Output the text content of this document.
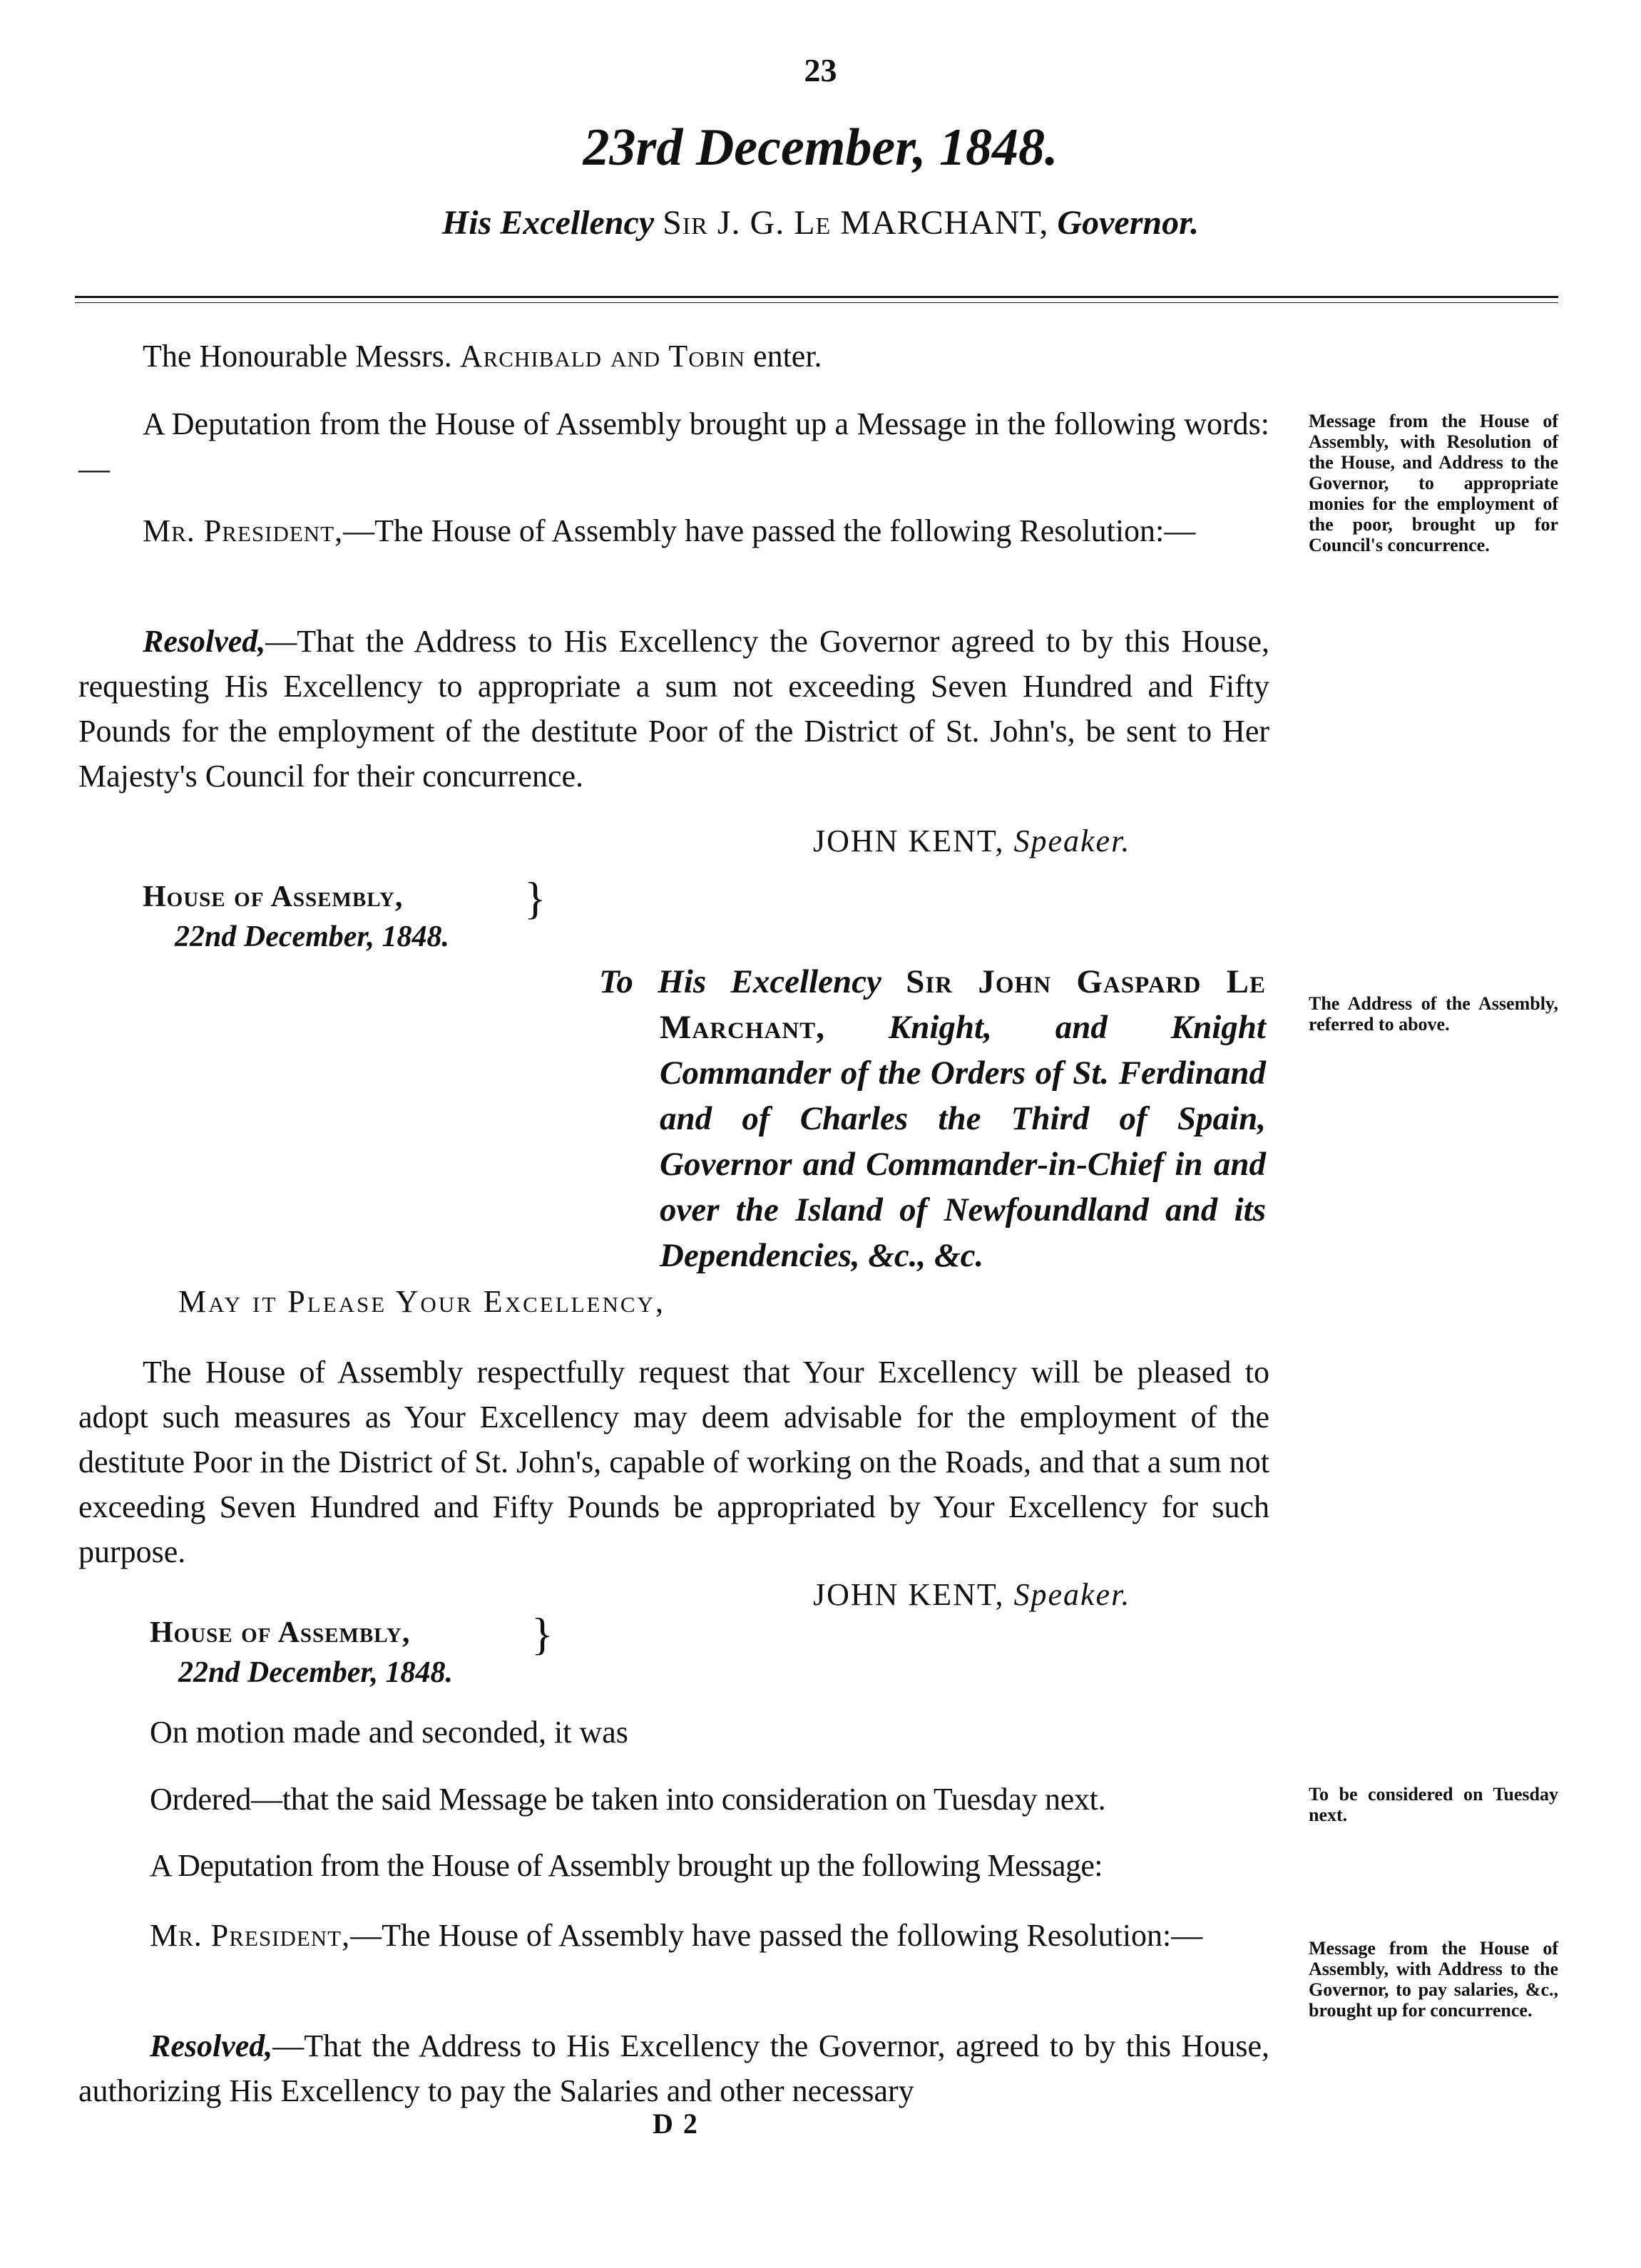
23
23rd December, 1848.
His Excellency Sir J. G. Le MARCHANT, Governor.

The Honourable Messrs. Archibald and Tobin enter.

A Deputation from the House of Assembly brought up a Message in the following words:—

Mr. President,—The House of Assembly have passed the following Resolution:—

Resolved,—That the Address to His Excellency the Governor agreed to by this House, requesting His Excellency to appropriate a sum not exceeding Seven Hundred and Fifty Pounds for the employment of the destitute Poor of the District of St. John's, be sent to Her Majesty's Council for their concurrence.

JOHN KENT, Speaker.
House of Assembly,
22nd December, 1848.
}
To His Excellency Sir John Gaspard Le Marchant, Knight, and Knight Commander of the Orders of St. Ferdinand and of Charles the Third of Spain, Governor and Commander-in-Chief in and over the Island of Newfoundland and its Dependencies, &c., &c.
May it Please Your Excellency,

The House of Assembly respectfully request that Your Excellency will be pleased to adopt such measures as Your Excellency may deem advisable for the employment of the destitute Poor in the District of St. John's, capable of working on the Roads, and that a sum not exceeding Seven Hundred and Fifty Pounds be appropriated by Your Excellency for such purpose.

JOHN KENT, Speaker.
House of Assembly,
22nd December, 1848.
}

On motion made and seconded, it was

Ordered—that the said Message be taken into consideration on Tuesday next.

A Deputation from the House of Assembly brought up the following Message:

Mr. President,—The House of Assembly have passed the following Resolution:—

Resolved,—That the Address to His Excellency the Governor, agreed to by this House, authorizing His Excellency to pay the Salaries and other necessary

D 2
Message from the House of Assembly, with Resolution of the House, and Address to the Governor, to appropriate monies for the employment of the poor, brought up for Council's concurrence.
The Address of the Assembly, referred to above.
To be considered on Tuesday next.
Message from the House of Assembly, with Address to the Governor, to pay salaries, &c., brought up for concurrence.
